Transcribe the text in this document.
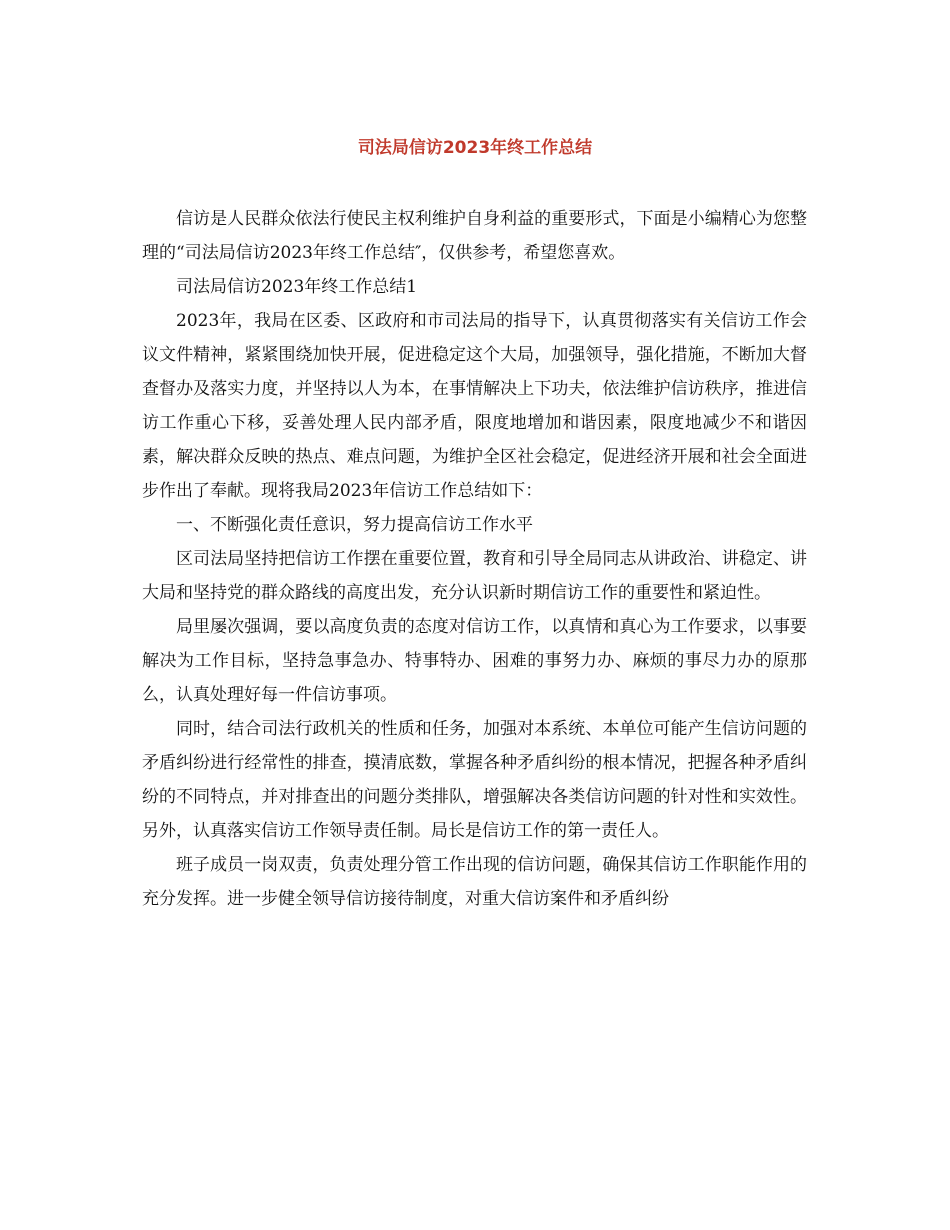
司法局信访2023年终工作总结

信访是人民群众依法行使民主权利维护自身利益的重要形式，下面是小编精心为您整理的“司法局信访2023年终工作总结″，仅供参考，希望您喜欢。

司法局信访2023年终工作总结1

2023年，我局在区委、区政府和市司法局的指导下，认真贯彻落实有关信访工作会议文件精神，紧紧围绕加快开展，促进稳定这个大局，加强领导，强化措施，不断加大督查督办及落实力度，并坚持以人为本，在事情解决上下功夫，依法维护信访秩序，推进信访工作重心下移，妥善处理人民内部矛盾，限度地增加和谐因素，限度地减少不和谐因素，解决群众反映的热点、难点问题，为维护全区社会稳定，促进经济开展和社会全面进步作出了奉献。现将我局2023年信访工作总结如下：

一、不断强化责任意识，努力提高信访工作水平

区司法局坚持把信访工作摆在重要位置，教育和引导全局同志从讲政治、讲稳定、讲大局和坚持党的群众路线的高度出发，充分认识新时期信访工作的重要性和紧迫性。

局里屡次强调，要以高度负责的态度对信访工作，以真情和真心为工作要求，以事要解决为工作目标，坚持急事急办、特事特办、困难的事努力办、麻烦的事尽力办的原那么，认真处理好每一件信访事项。

同时，结合司法行政机关的性质和任务，加强对本系统、本单位可能产生信访问题的矛盾纠纷进行经常性的排查，摸清底数，掌握各种矛盾纠纷的根本情况，把握各种矛盾纠纷的不同特点，并对排查出的问题分类排队，增强解决各类信访问题的针对性和实效性。另外，认真落实信访工作领导责任制。局长是信访工作的第一责任人。

班子成员一岗双责，负责处理分管工作出现的信访问题，确保其信访工作职能作用的充分发挥。进一步健全领导信访接待制度，对重大信访案件和矛盾纠纷
